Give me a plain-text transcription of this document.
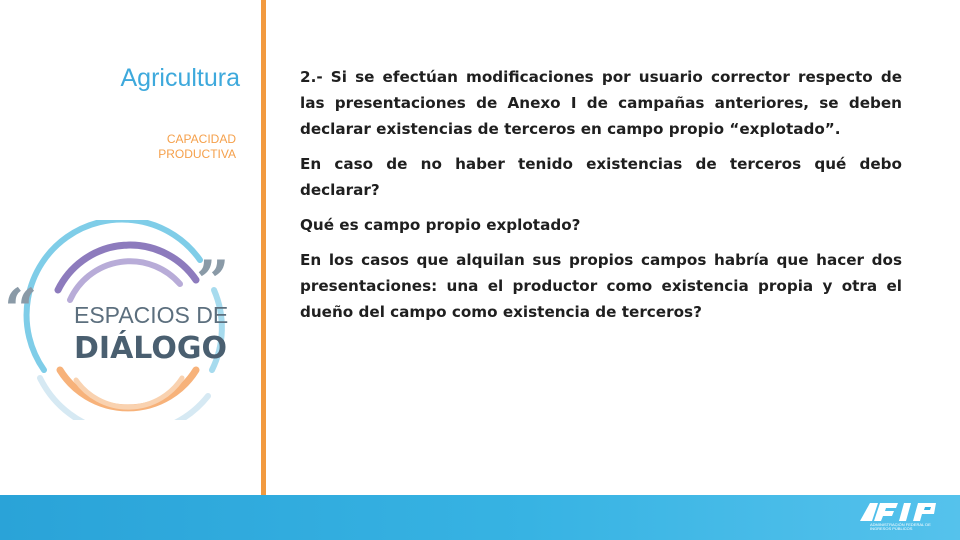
Agricultura
CAPACIDAD PRODUCTIVA
“	”
ESPACIOS DE
DIÁLOGO

2.- Si se efectúan modificaciones por usuario corrector respecto de las presentaciones de Anexo I de campañas anteriores, se deben declarar existencias de terceros en campo propio “explotado”.

En caso de no haber tenido existencias de terceros qué debo declarar?

Qué es campo propio explotado?

En los casos que alquilan sus propios campos habría que hacer dos presentaciones: una el productor como existencia propia y otra el dueño del campo como existencia de terceros?

ADMINISTRACIÓN FEDERAL DE
INGRESOS PÚBLICOS
